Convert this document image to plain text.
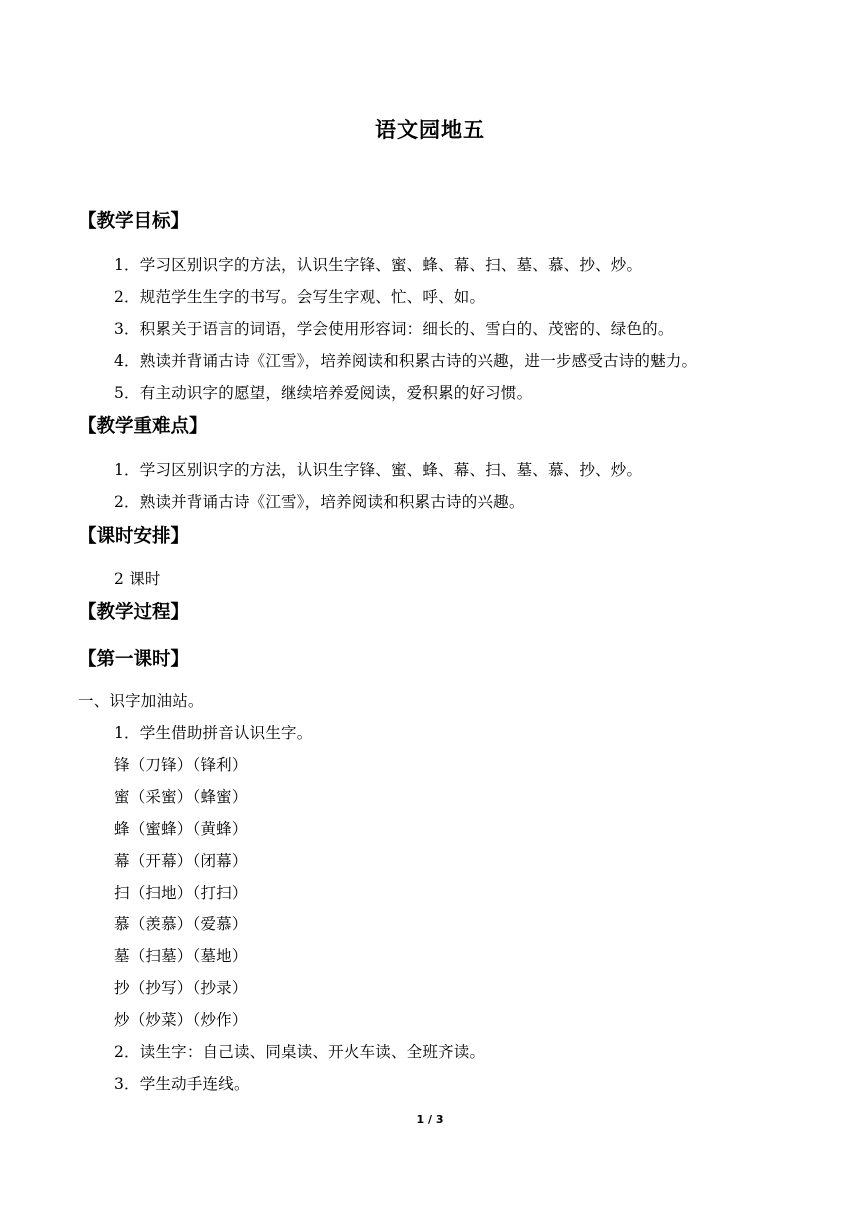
语文园地五
【教学目标】
1．学习区别识字的方法，认识生字锋、蜜、蜂、幕、扫、墓、慕、抄、炒。
2．规范学生生字的书写。会写生字观、忙、呼、如。
3．积累关于语言的词语，学会使用形容词：细长的、雪白的、茂密的、绿色的。
4．熟读并背诵古诗《江雪》，培养阅读和积累古诗的兴趣，进一步感受古诗的魅力。
5．有主动识字的愿望，继续培养爱阅读，爱积累的好习惯。
【教学重难点】
1．学习区别识字的方法，认识生字锋、蜜、蜂、幕、扫、墓、慕、抄、炒。
2．熟读并背诵古诗《江雪》，培养阅读和积累古诗的兴趣。
【课时安排】
2 课时
【教学过程】
【第一课时】
一、识字加油站。
1．学生借助拼音认识生字。
锋（刀锋）（锋利）
蜜（采蜜）（蜂蜜）
蜂（蜜蜂）（黄蜂）
幕（开幕）（闭幕）
扫（扫地）（打扫）
慕（羡慕）（爱慕）
墓（扫墓）（墓地）
抄（抄写）（抄录）
炒（炒菜）（炒作）
2．读生字：自己读、同桌读、开火车读、全班齐读。
3．学生动手连线。
1 / 3
